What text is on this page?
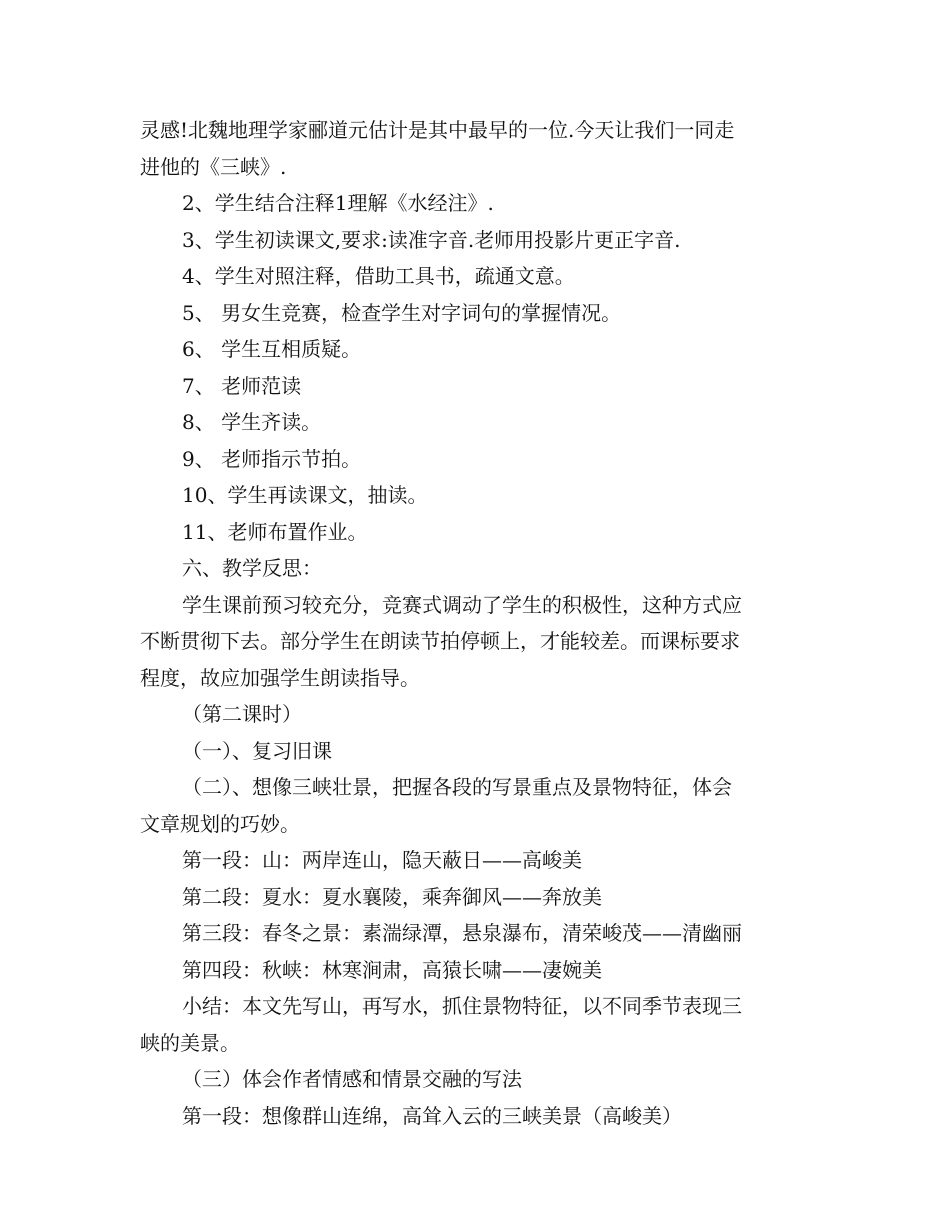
灵感!北魏地理学家郦道元估计是其中最早的一位.今天让我们一同走

进他的《三峡》.

2、学生结合注释1理解《水经注》.

3、学生初读课文,要求:读准字音.老师用投影片更正字音.

4、学生对照注释，借助工具书，疏通文意。

5、 男女生竞赛，检查学生对字词句的掌握情况。

6、 学生互相质疑。

7、 老师范读

8、 学生齐读。

9、 老师指示节拍。

10、学生再读课文，抽读。

11、老师布置作业。

六、教学反思：

学生课前预习较充分，竞赛式调动了学生的积极性，这种方式应

不断贯彻下去。部分学生在朗读节拍停顿上，才能较差。而课标要求

程度，故应加强学生朗读指导。

（第二课时）

（一）、复习旧课

（二）、想像三峡壮景，把握各段的写景重点及景物特征，体会

文章规划的巧妙。

第一段：山：两岸连山，隐天蔽日——高峻美

第二段：夏水：夏水襄陵，乘奔御风——奔放美

第三段：春冬之景：素湍绿潭，悬泉瀑布，清荣峻茂——清幽丽

第四段：秋峡：林寒涧肃，高猿长啸——凄婉美

小结：本文先写山，再写水，抓住景物特征，以不同季节表现三

峡的美景。

（三）体会作者情感和情景交融的写法

第一段：想像群山连绵，高耸入云的三峡美景（高峻美）
